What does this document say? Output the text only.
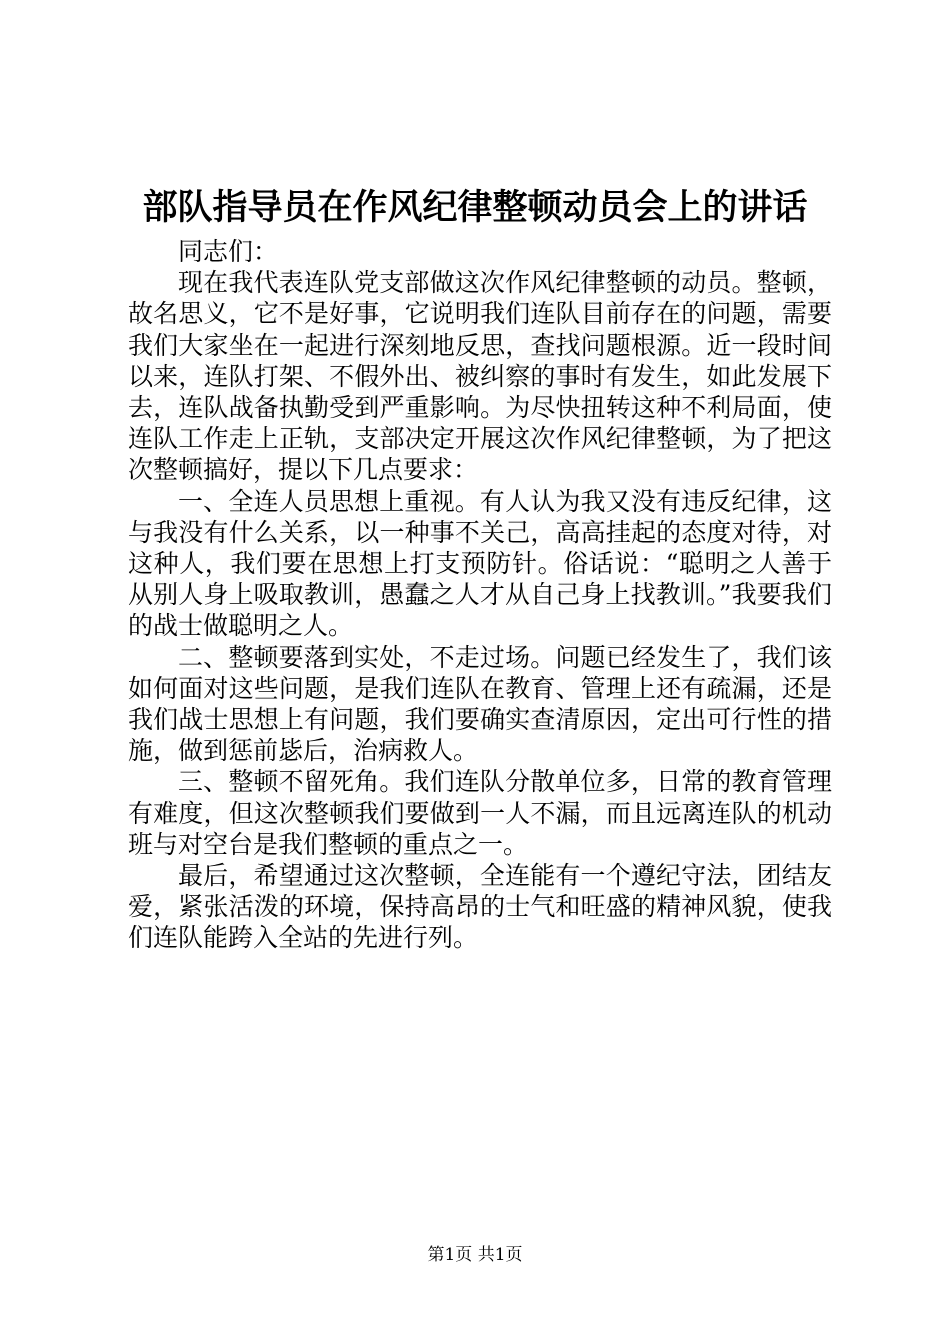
部队指导员在作风纪律整顿动员会上的讲话

同志们：

现在我代表连队党支部做这次作风纪律整顿的动员。整顿，故名思义，它不是好事，它说明我们连队目前存在的问题，需要我们大家坐在一起进行深刻地反思，查找问题根源。近一段时间以来，连队打架、不假外出、被纠察的事时有发生，如此发展下去，连队战备执勤受到严重影响。为尽快扭转这种不利局面，使连队工作走上正轨，支部决定开展这次作风纪律整顿，为了把这次整顿搞好，提以下几点要求：

一、全连人员思想上重视。有人认为我又没有违反纪律，这与我没有什么关系，以一种事不关己，高高挂起的态度对待，对这种人，我们要在思想上打支预防针。俗话说：“聪明之人善于从别人身上吸取教训，愚蠢之人才从自己身上找教训。”我要我们的战士做聪明之人。

二、整顿要落到实处，不走过场。问题已经发生了，我们该如何面对这些问题，是我们连队在教育、管理上还有疏漏，还是我们战士思想上有问题，我们要确实查清原因，定出可行性的措施，做到惩前毖后，治病救人。

三、整顿不留死角。我们连队分散单位多，日常的教育管理有难度，但这次整顿我们要做到一人不漏，而且远离连队的机动班与对空台是我们整顿的重点之一。

最后，希望通过这次整顿，全连能有一个遵纪守法，团结友爱，紧张活泼的环境，保持高昂的士气和旺盛的精神风貌，使我们连队能跨入全站的先进行列。

第1页 共1页
